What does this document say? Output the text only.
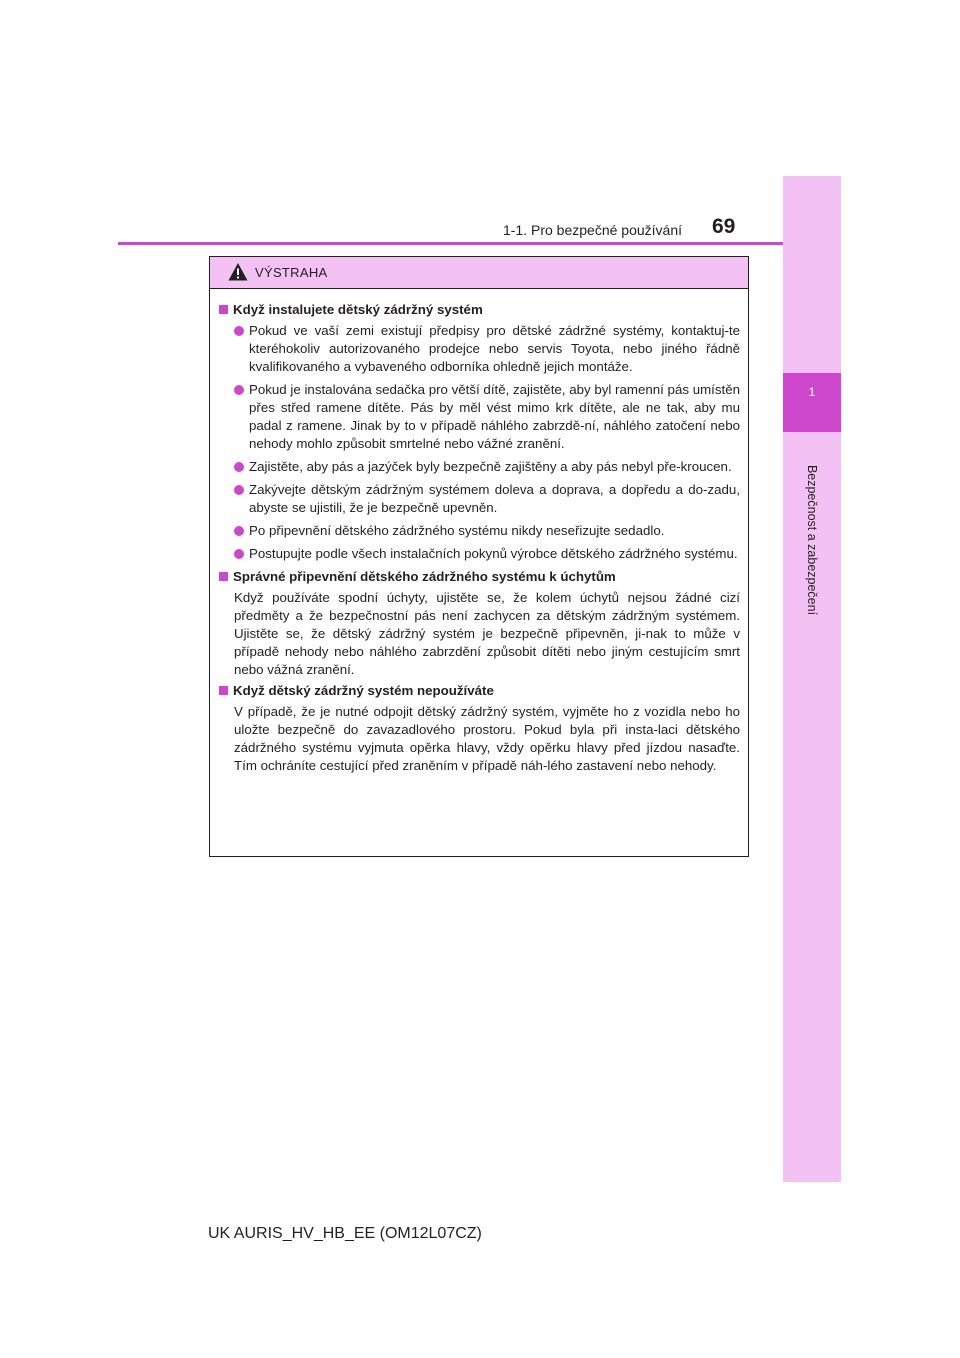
1
Bezpečnost a zabezpečení
1-1. Pro bezpečné používání 69
VÝSTRAHA
Když instalujete dětský zádržný systém
Pokud ve vaší zemi existují předpisy pro dětské zádržné systémy, kontaktuj-te kteréhokoliv autorizovaného prodejce nebo servis Toyota, nebo jiného řádně kvalifikovaného a vybaveného odborníka ohledně jejich montáže.
Pokud je instalována sedačka pro větší dítě, zajistěte, aby byl ramenní pás umístěn přes střed ramene dítěte. Pás by měl vést mimo krk dítěte, ale ne tak, aby mu padal z ramene. Jinak by to v případě náhlého zabrzdě-ní, náhlého zatočení nebo nehody mohlo způsobit smrtelné nebo vážné zranění.
Zajistěte, aby pás a jazýček byly bezpečně zajištěny a aby pás nebyl pře-kroucen.
Zakývejte dětským zádržným systémem doleva a doprava, a dopředu a do-zadu, abyste se ujistili, že je bezpečně upevněn.
Po připevnění dětského zádržného systému nikdy neseřizujte sedadlo.
Postupujte podle všech instalačních pokynů výrobce dětského zádržného systému.
Správné připevnění dětského zádržného systému k úchytům
Když používáte spodní úchyty, ujistěte se, že kolem úchytů nejsou žádné cizí předměty a že bezpečnostní pás není zachycen za dětským zádržným systémem. Ujistěte se, že dětský zádržný systém je bezpečně připevněn, ji-nak to může v případě nehody nebo náhlého zabrzdění způsobit dítěti nebo jiným cestujícím smrt nebo vážná zranění.
Když dětský zádržný systém nepoužíváte
V případě, že je nutné odpojit dětský zádržný systém, vyjměte ho z vozidla nebo ho uložte bezpečně do zavazadlového prostoru. Pokud byla při insta-laci dětského zádržného systému vyjmuta opěrka hlavy, vždy opěrku hlavy před jízdou nasaďte. Tím ochráníte cestující před zraněním v případě náh-lého zastavení nebo nehody.
UK AURIS_HV_HB_EE (OM12L07CZ)
